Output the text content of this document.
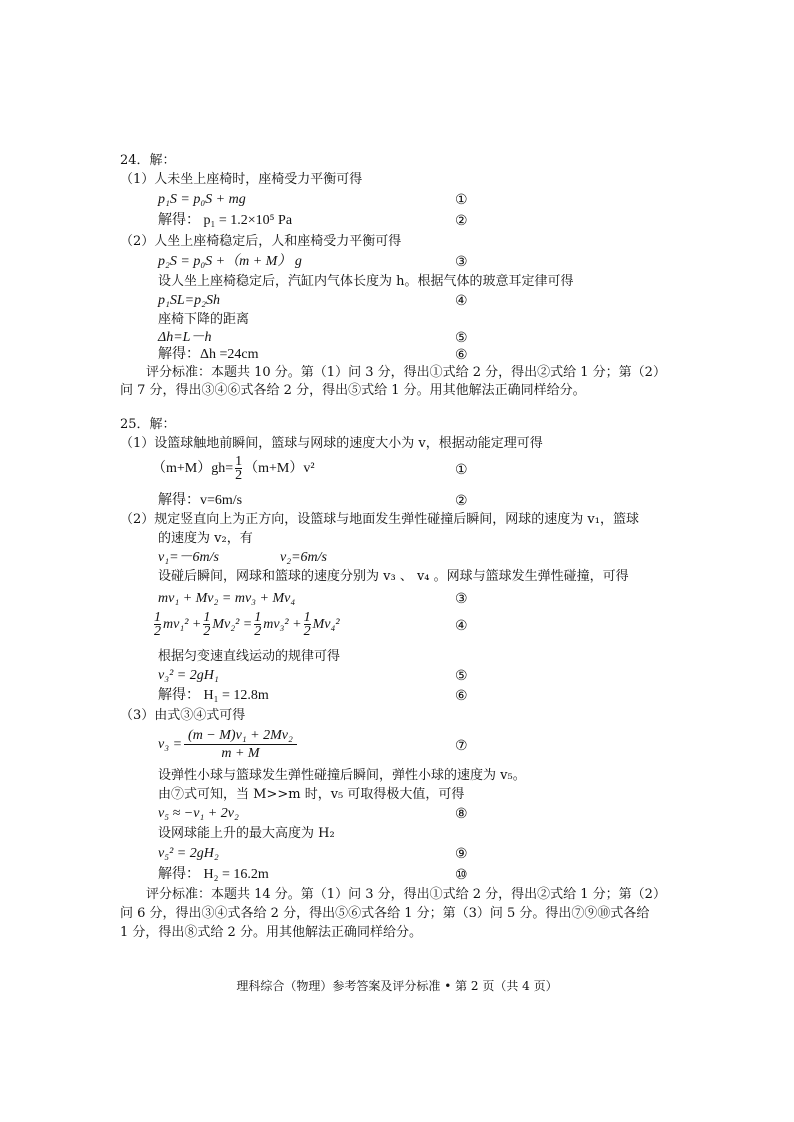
24．解：
（1）人未坐上座椅时，座椅受力平衡可得
p₁S = p₀S + mg	①
解得： p₁ = 1.2×10⁵ Pa	②
（2）人坐上座椅稳定后，人和座椅受力平衡可得
p₂S = p₀S +（m + M） g	③
设人坐上座椅稳定后，汽缸内气体长度为 h。根据气体的玻意耳定律可得
p₁SL=p₂Sh	④
座椅下降的距离
Δh=L－h	⑤
解得：Δh =24cm	⑥
评分标准：本题共 10 分。第（1）问 3 分，得出①式给 2 分，得出②式给 1 分；第（2）
问 7 分，得出③④⑥式各给 2 分，得出⑤式给 1 分。用其他解法正确同样给分。
25．解：
（1）设篮球触地前瞬间，篮球与网球的速度大小为 v，根据动能定理可得
$(m+M)gh= \frac{1}{2} (m+M)v^2$	①
解得：v=6m/s	②
（2）规定竖直向上为正方向，设篮球与地面发生弹性碰撞后瞬间，网球的速度为 v₁，篮球
的速度为 v₂，有
v₁=－6m/s	v₂=6m/s
设碰后瞬间，网球和篮球的速度分别为 v₃ 、 v₄ 。网球与篮球发生弹性碰撞，可得
mv₁ + Mv₂ = mv₃ + Mv₄	③
$\frac{1}{2} mv_1^2 + \frac{1}{2} Mv_2^2 = \frac{1}{2} mv_3^2 + \frac{1}{2} Mv_4^2$	④
根据匀变速直线运动的规律可得
v₃² = 2gH₁	⑤
解得： H₁ = 12.8m	⑥
（3）由式③④式可得
$v_3 = \frac{\text{(m − M)v₁ + 2Mv₂}}{m + M}$	⑦
设弹性小球与篮球发生弹性碰撞后瞬间，弹性小球的速度为 v₅。
由⑦式可知，当 M>>m 时，v₅ 可取得极大值，可得
v₅ ≈ −v₁ + 2v₂	⑧
设网球能上升的最大高度为 H₂
v₅² = 2gH₂	⑨
解得： H₂ = 16.2m	⑩
评分标准：本题共 14 分。第（1）问 3 分，得出①式给 2 分，得出②式给 1 分；第（2）
问 6 分，得出③④式各给 2 分，得出⑤⑥式各给 1 分；第（3）问 5 分。得出⑦⑨⑩式各给
1 分，得出⑧式给 2 分。用其他解法正确同样给分。
理科综合（物理）参考答案及评分标准 • 第 2 页（共 4 页）
